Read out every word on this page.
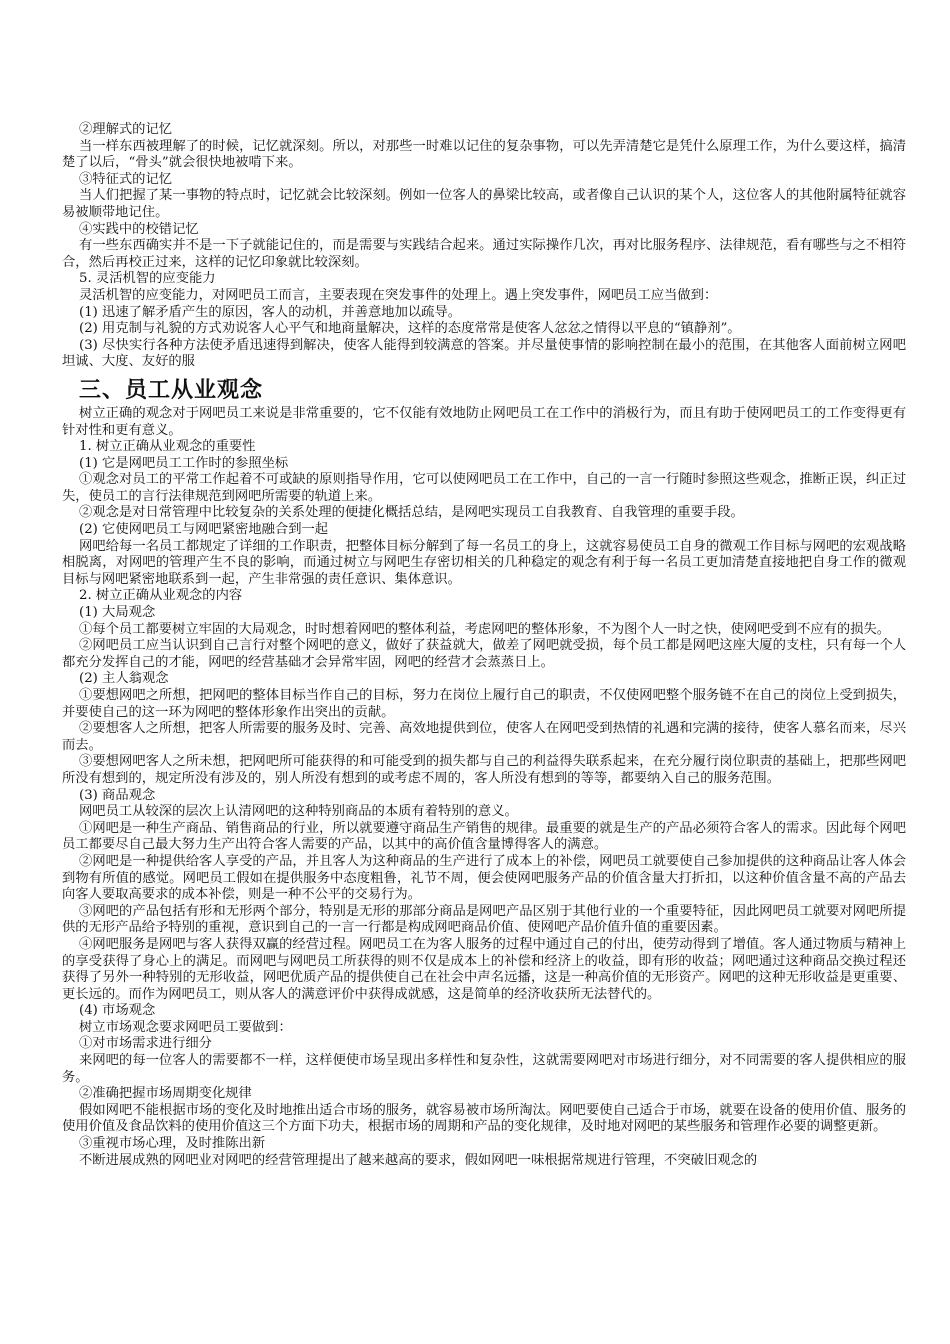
②理解式的记忆

当一样东西被理解了的时候，记忆就深刻。所以，对那些一时难以记住的复杂事物，可以先弄清楚它是凭什么原理工作，为什么要这样，搞清楚了以后，“骨头”就会很快地被啃下来。

③特征式的记忆

当人们把握了某一事物的特点时，记忆就会比较深刻。例如一位客人的鼻梁比较高，或者像自己认识的某个人，这位客人的其他附属特征就容易被顺带地记住。

④实践中的校错记忆

有一些东西确实并不是一下子就能记住的，而是需要与实践结合起来。通过实际操作几次，再对比服务程序、法律规范，看有哪些与之不相符合，然后再校正过来，这样的记忆印象就比较深刻。

5. 灵活机智的应变能力

灵活机智的应变能力，对网吧员工而言，主要表现在突发事件的处理上。遇上突发事件，网吧员工应当做到：

(1) 迅速了解矛盾产生的原因，客人的动机，并善意地加以疏导。

(2) 用克制与礼貌的方式劝说客人心平气和地商量解决，这样的态度常常是使客人忿忿之情得以平息的“镇静剂”。

(3) 尽快实行各种方法使矛盾迅速得到解决，使客人能得到较满意的答案。并尽量使事情的影响控制在最小的范围，在其他客人面前树立网吧坦诚、大度、友好的服

三、员工从业观念

树立正确的观念对于网吧员工来说是非常重要的，它不仅能有效地防止网吧员工在工作中的消极行为，而且有助于使网吧员工的工作变得更有针对性和更有意义。

1. 树立正确从业观念的重要性

(1) 它是网吧员工工作时的参照坐标

①观念对员工的平常工作起着不可或缺的原则指导作用，它可以使网吧员工在工作中，自己的一言一行随时参照这些观念，推断正误，纠正过失，使员工的言行法律规范到网吧所需要的轨道上来。

②观念是对日常管理中比较复杂的关系处理的便捷化概括总结，是网吧实现员工自我教育、自我管理的重要手段。

(2) 它使网吧员工与网吧紧密地融合到一起

网吧给每一名员工都规定了详细的工作职责，把整体目标分解到了每一名员工的身上，这就容易使员工自身的微观工作目标与网吧的宏观战略相脱离，对网吧的管理产生不良的影响，而通过树立与网吧生存密切相关的几种稳定的观念有利于每一名员工更加清楚直接地把自身工作的微观目标与网吧紧密地联系到一起，产生非常强的责任意识、集体意识。

2. 树立正确从业观念的内容

(1) 大局观念

①每个员工都要树立牢固的大局观念，时时想着网吧的整体利益，考虑网吧的整体形象，不为图个人一时之快，使网吧受到不应有的损失。

②网吧员工应当认识到自己言行对整个网吧的意义，做好了获益就大，做差了网吧就受损，每个员工都是网吧这座大厦的支柱，只有每一个人都充分发挥自己的才能，网吧的经营基础才会异常牢固，网吧的经营才会蒸蒸日上。

(2) 主人翁观念

①要想网吧之所想，把网吧的整体目标当作自己的目标，努力在岗位上履行自己的职责，不仅使网吧整个服务链不在自己的岗位上受到损失，并要使自己的这一环为网吧的整体形象作出突出的贡献。

②要想客人之所想，把客人所需要的服务及时、完善、高效地提供到位，使客人在网吧受到热情的礼遇和完满的接待，使客人慕名而来，尽兴而去。

③要想网吧客人之所未想，把网吧所可能获得的和可能受到的损失都与自己的利益得失联系起来，在充分履行岗位职责的基础上，把那些网吧所没有想到的，规定所没有涉及的，别人所没有想到的或考虑不周的，客人所没有想到的等等，都要纳入自己的服务范围。

(3) 商品观念

网吧员工从较深的层次上认清网吧的这种特别商品的本质有着特别的意义。

①网吧是一种生产商品、销售商品的行业，所以就要遵守商品生产销售的规律。最重要的就是生产的产品必须符合客人的需求。因此每个网吧员工都要尽自己最大努力生产出符合客人需要的产品，以其中的高价值含量博得客人的满意。

②网吧是一种提供给客人享受的产品，并且客人为这种商品的生产进行了成本上的补偿，网吧员工就要使自己参加提供的这种商品让客人体会到物有所值的感觉。网吧员工假如在提供服务中态度粗鲁，礼节不周，便会使网吧服务产品的价值含量大打折扣，以这种价值含量不高的产品去向客人要取高要求的成本补偿，则是一种不公平的交易行为。

③网吧的产品包括有形和无形两个部分，特别是无形的那部分商品是网吧产品区别于其他行业的一个重要特征，因此网吧员工就要对网吧所提供的无形产品给予特别的重视，意识到自己的一言一行都是构成网吧商品价值、使网吧产品价值升值的重要因素。

④网吧服务是网吧与客人获得双赢的经营过程。网吧员工在为客人服务的过程中通过自己的付出，使劳动得到了增值。客人通过物质与精神上的享受获得了身心上的满足。而网吧与网吧员工所获得的则不仅是成本上的补偿和经济上的收益，即有形的收益；网吧通过这种商品交换过程还获得了另外一种特别的无形收益，网吧优质产品的提供使自己在社会中声名远播，这是一种高价值的无形资产。网吧的这种无形收益是更重要、更长远的。而作为网吧员工，则从客人的满意评价中获得成就感，这是简单的经济收获所无法替代的。

(4) 市场观念

树立市场观念要求网吧员工要做到：

①对市场需求进行细分

来网吧的每一位客人的需要都不一样，这样便使市场呈现出多样性和复杂性，这就需要网吧对市场进行细分，对不同需要的客人提供相应的服务。

②准确把握市场周期变化规律

假如网吧不能根据市场的变化及时地推出适合市场的服务，就容易被市场所淘汰。网吧要使自己适合于市场，就要在设备的使用价值、服务的使用价值及食品饮料的使用价值这三个方面下功夫，根据市场的周期和产品的变化规律，及时地对网吧的某些服务和管理作必要的调整更新。

③重视市场心理，及时推陈出新

不断进展成熟的网吧业对网吧的经营管理提出了越来越高的要求，假如网吧一味根据常规进行管理，不突破旧观念的
